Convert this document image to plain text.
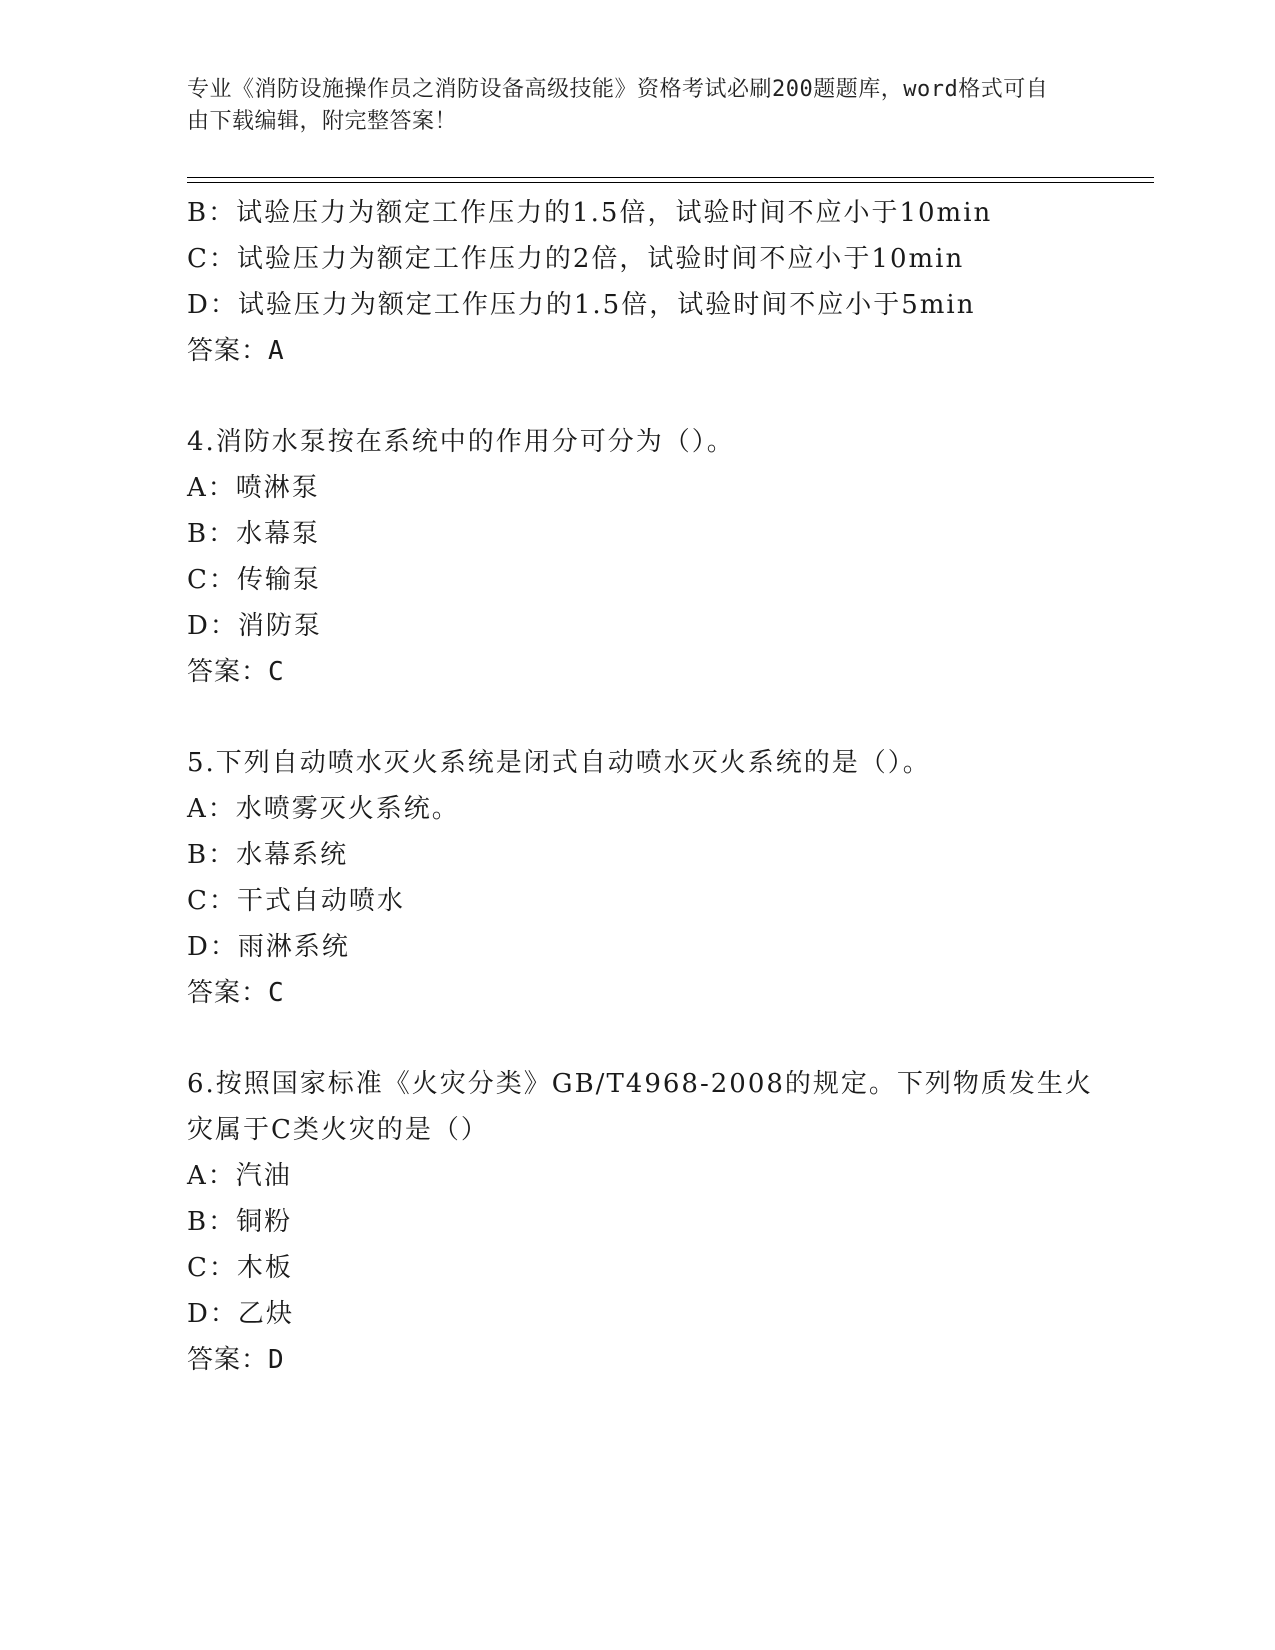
专业《消防设施操作员之消防设备高级技能》资格考试必刷200题题库，word格式可自由下载编辑，附完整答案！
B：试验压力为额定工作压力的1.5倍，试验时间不应小于10min
C：试验压力为额定工作压力的2倍，试验时间不应小于10min
D：试验压力为额定工作压力的1.5倍，试验时间不应小于5min
答案：A
4.消防水泵按在系统中的作用分可分为（）。
A：喷淋泵
B：水幕泵
C：传输泵
D：消防泵
答案：C
5.下列自动喷水灭火系统是闭式自动喷水灭火系统的是（）。
A：水喷雾灭火系统。
B：水幕系统
C：干式自动喷水
D：雨淋系统
答案：C
6.按照国家标准《火灾分类》GB/T4968-2008的规定。下列物质发生火
灾属于C类火灾的是（）
A：汽油
B：铜粉
C：木板
D：乙炔
答案：D
